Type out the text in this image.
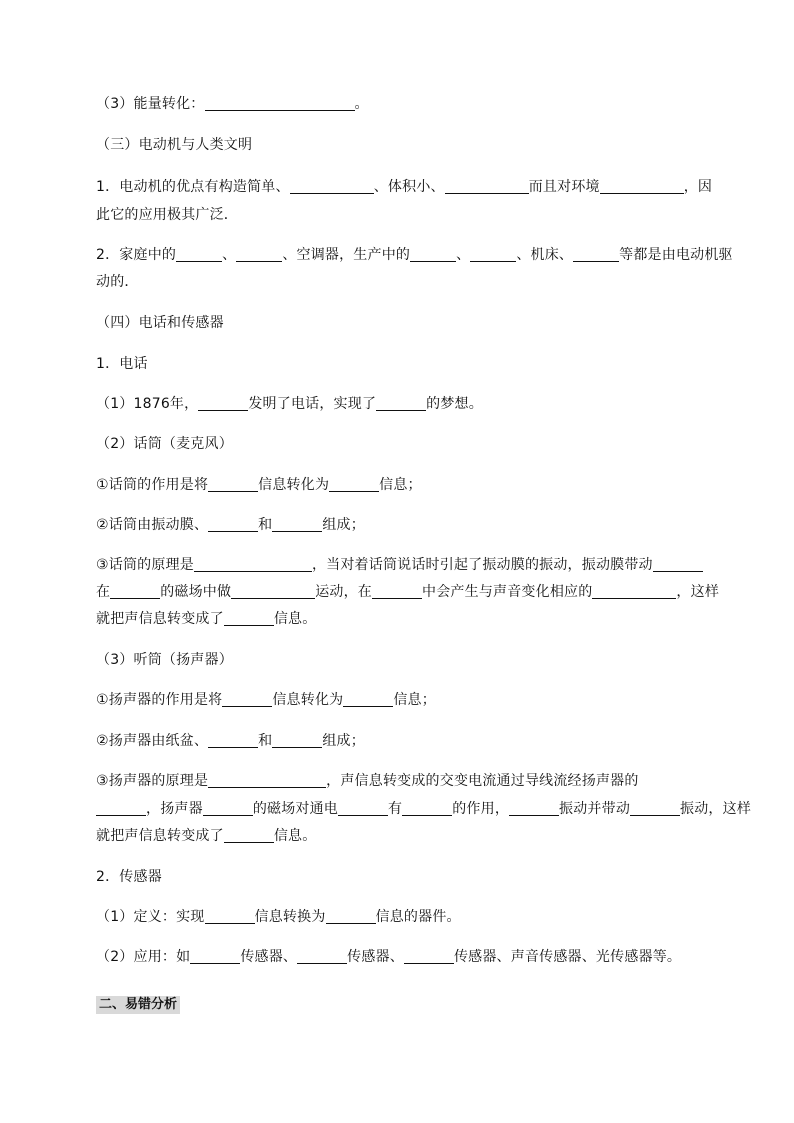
（3）能量转化：	。
（三）电动机与人类文明
1．电动机的优点有构造简单、	、体积小、	而且对环境	，因
此它的应用极其广泛．
2．家庭中的	、	、空调器，生产中的	、	、机床、	等都是由电动机驱
动的．
（四）电话和传感器
1．电话
（1）1876年，	发明了电话，实现了	的梦想。
（2）话筒（麦克风）
①话筒的作用是将	信息转化为	信息；
②话筒由振动膜、	和	组成；
③话筒的原理是	，当对着话筒说话时引起了振动膜的振动，振动膜带动
在	的磁场中做	运动，在	中会产生与声音变化相应的	，这样
就把声信息转变成了	信息。
（3）听筒（扬声器）
①扬声器的作用是将	信息转化为	信息；
②扬声器由纸盆、	和	组成；
③扬声器的原理是	，声信息转变成的交变电流通过导线流经扬声器的
，扬声器	的磁场对通电	有	的作用，	振动并带动	振动，这样
就把声信息转变成了	信息。
2．传感器
（1）定义：实现	信息转换为	信息的器件。
（2）应用：如	传感器、	传感器、	传感器、声音传感器、光传感器等。
二、易错分析
